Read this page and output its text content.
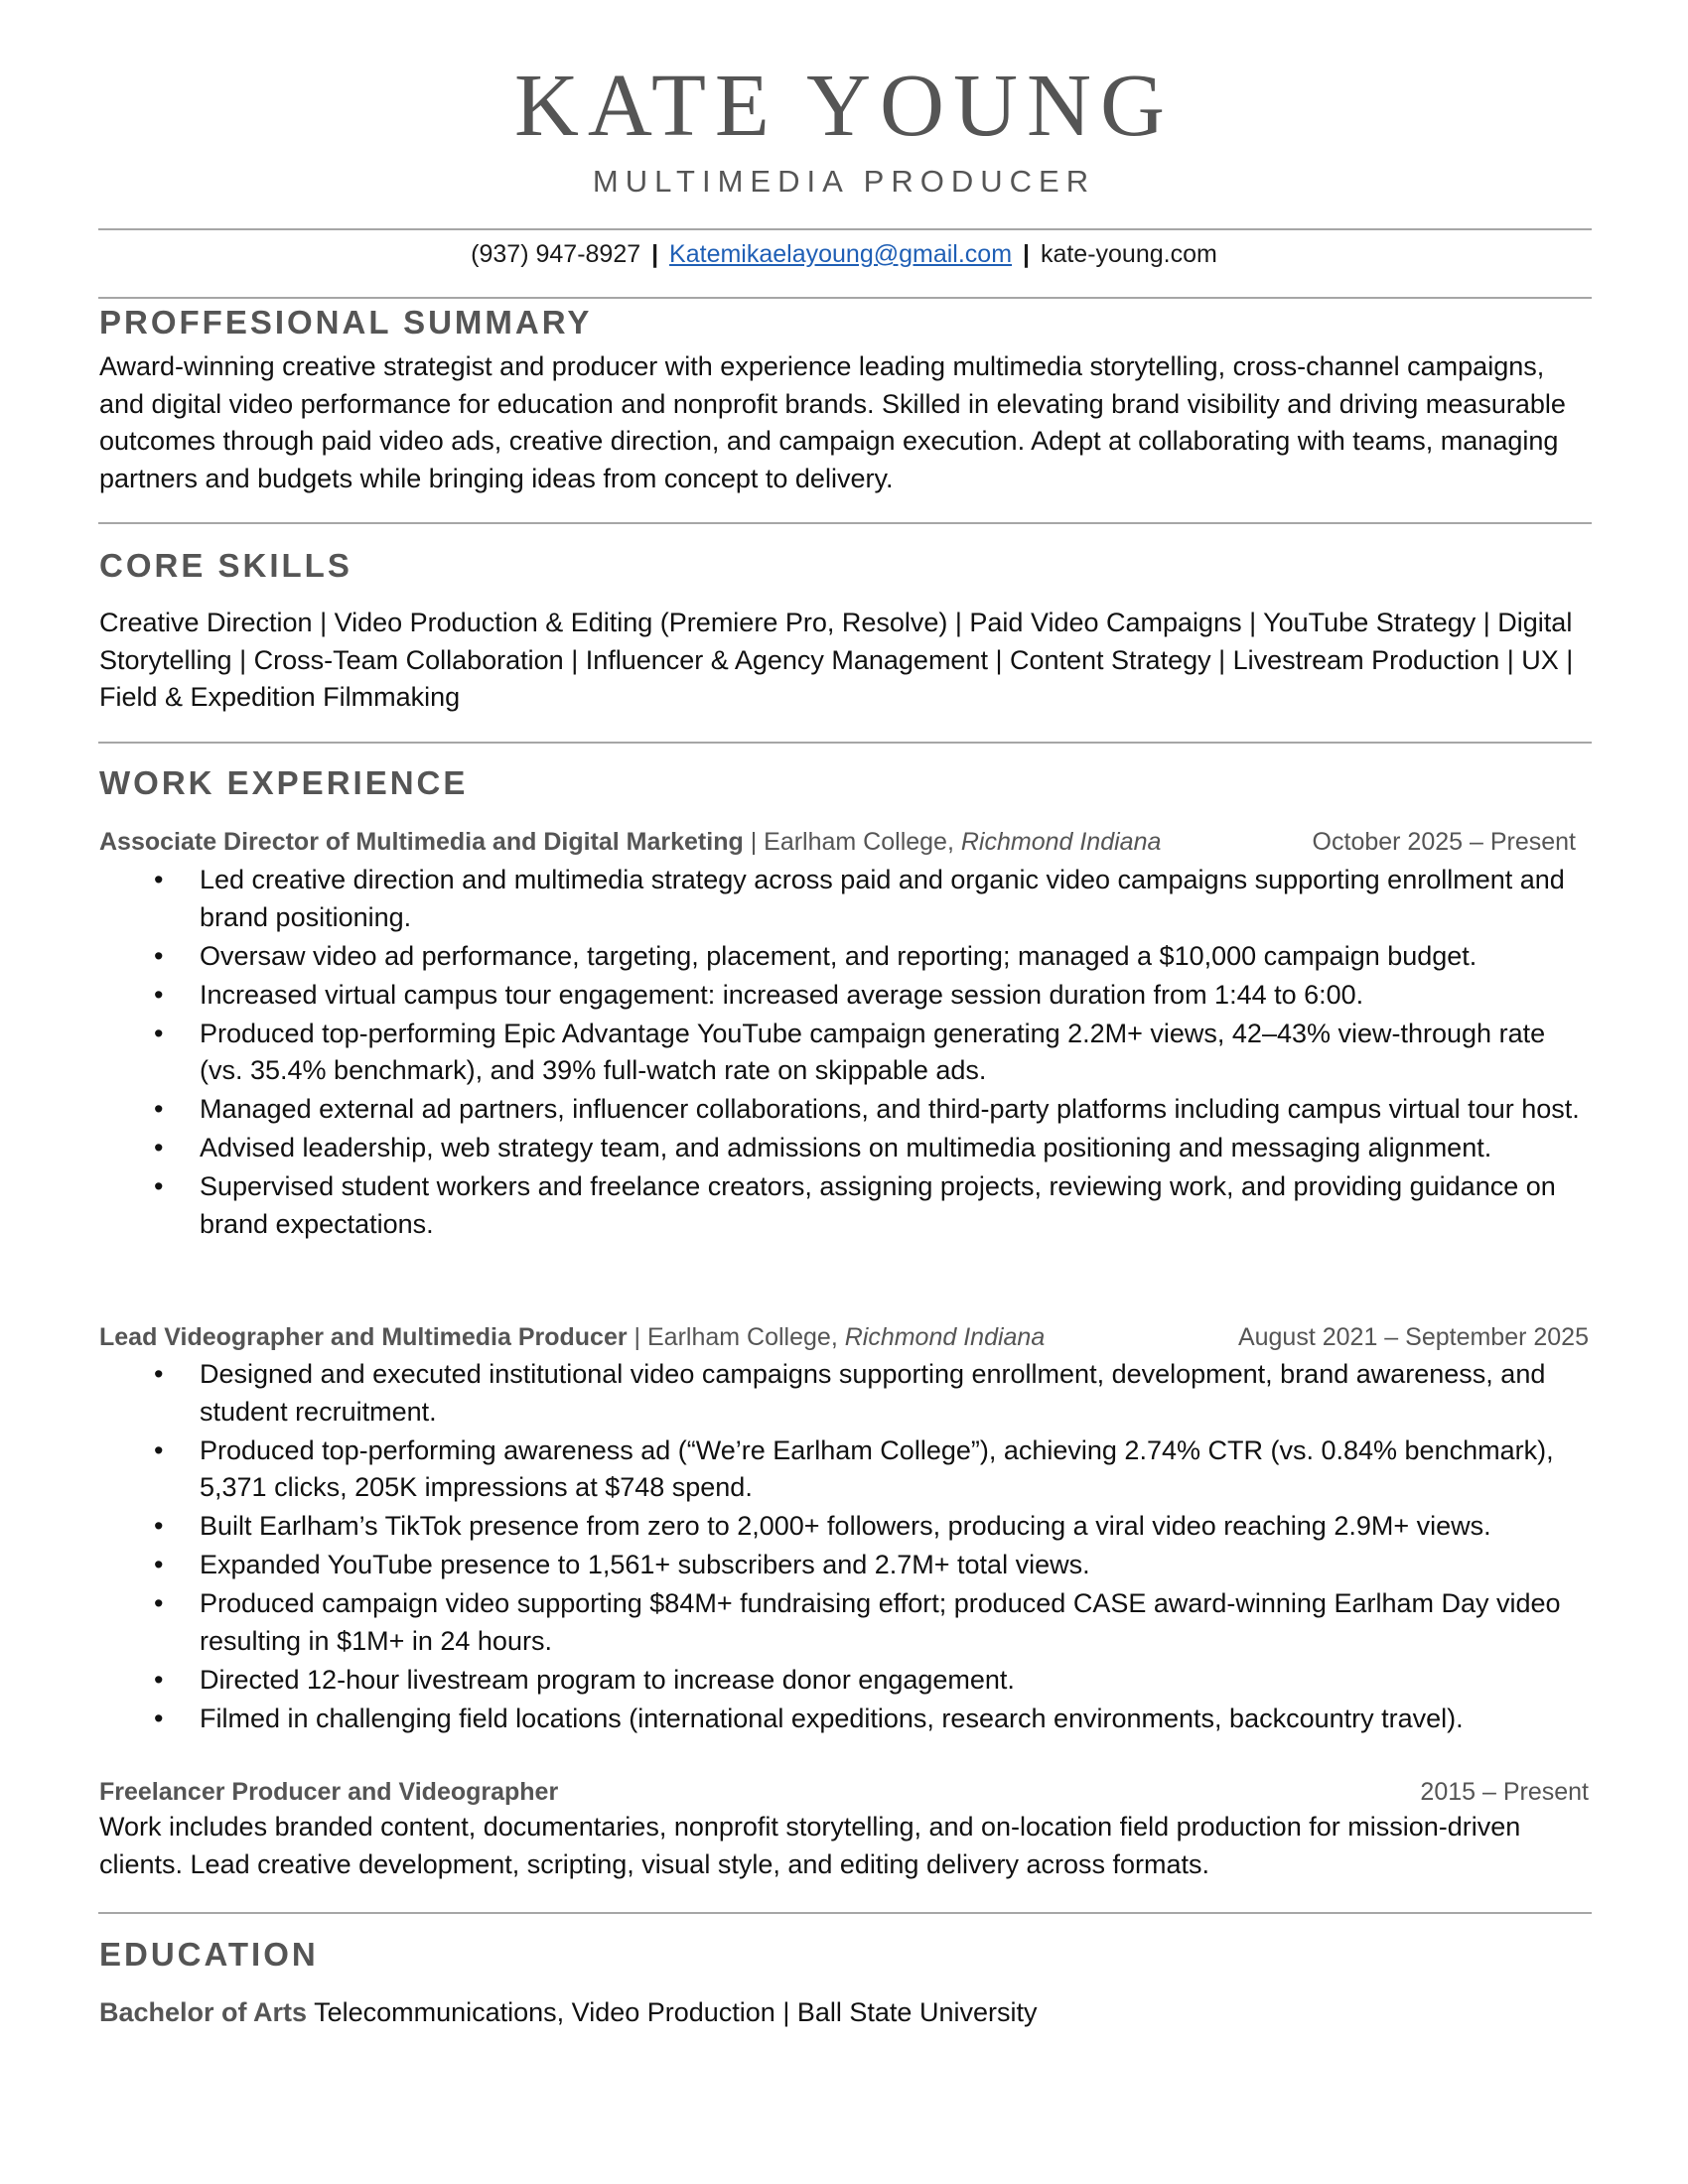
KATE YOUNG
MULTIMEDIA PRODUCER
(937) 947-8927 | Katemikaelayoung@gmail.com | kate-young.com
PROFFESIONAL SUMMARY

Award-winning creative strategist and producer with experience leading multimedia storytelling, cross-channel campaigns, and digital video performance for education and nonprofit brands. Skilled in elevating brand visibility and driving measurable outcomes through paid video ads, creative direction, and campaign execution. Adept at collaborating with teams, managing partners and budgets while bringing ideas from concept to delivery.

CORE SKILLS

Creative Direction | Video Production & Editing (Premiere Pro, Resolve) | Paid Video Campaigns | YouTube Strategy | Digital Storytelling | Cross-Team Collaboration | Influencer & Agency Management | Content Strategy | Livestream Production | UX | Field & Expedition Filmmaking

WORK EXPERIENCE
Associate Director of Multimedia and Digital Marketing | Earlham College, Richmond Indiana	October 2025 – Present
• Led creative direction and multimedia strategy across paid and organic video campaigns supporting enrollment and brand positioning.
• Oversaw video ad performance, targeting, placement, and reporting; managed a $10,000 campaign budget.
• Increased virtual campus tour engagement: increased average session duration from 1:44 to 6:00.
• Produced top-performing Epic Advantage YouTube campaign generating 2.2M+ views, 42–43% view-through rate (vs. 35.4% benchmark), and 39% full-watch rate on skippable ads.
• Managed external ad partners, influencer collaborations, and third-party platforms including campus virtual tour host.
• Advised leadership, web strategy team, and admissions on multimedia positioning and messaging alignment.
• Supervised student workers and freelance creators, assigning projects, reviewing work, and providing guidance on brand expectations.
Lead Videographer and Multimedia Producer | Earlham College, Richmond Indiana	August 2021 – September 2025
• Designed and executed institutional video campaigns supporting enrollment, development, brand awareness, and student recruitment.
• Produced top-performing awareness ad (“We’re Earlham College”), achieving 2.74% CTR (vs. 0.84% benchmark), 5,371 clicks, 205K impressions at $748 spend.
• Built Earlham’s TikTok presence from zero to 2,000+ followers, producing a viral video reaching 2.9M+ views.
• Expanded YouTube presence to 1,561+ subscribers and 2.7M+ total views.
• Produced campaign video supporting $84M+ fundraising effort; produced CASE award-winning Earlham Day video resulting in $1M+ in 24 hours.
• Directed 12-hour livestream program to increase donor engagement.
• Filmed in challenging field locations (international expeditions, research environments, backcountry travel).
Freelancer Producer and Videographer	2015 – Present

Work includes branded content, documentaries, nonprofit storytelling, and on-location field production for mission-driven clients. Lead creative development, scripting, visual style, and editing delivery across formats.

EDUCATION
Bachelor of Arts Telecommunications, Video Production | Ball State University
